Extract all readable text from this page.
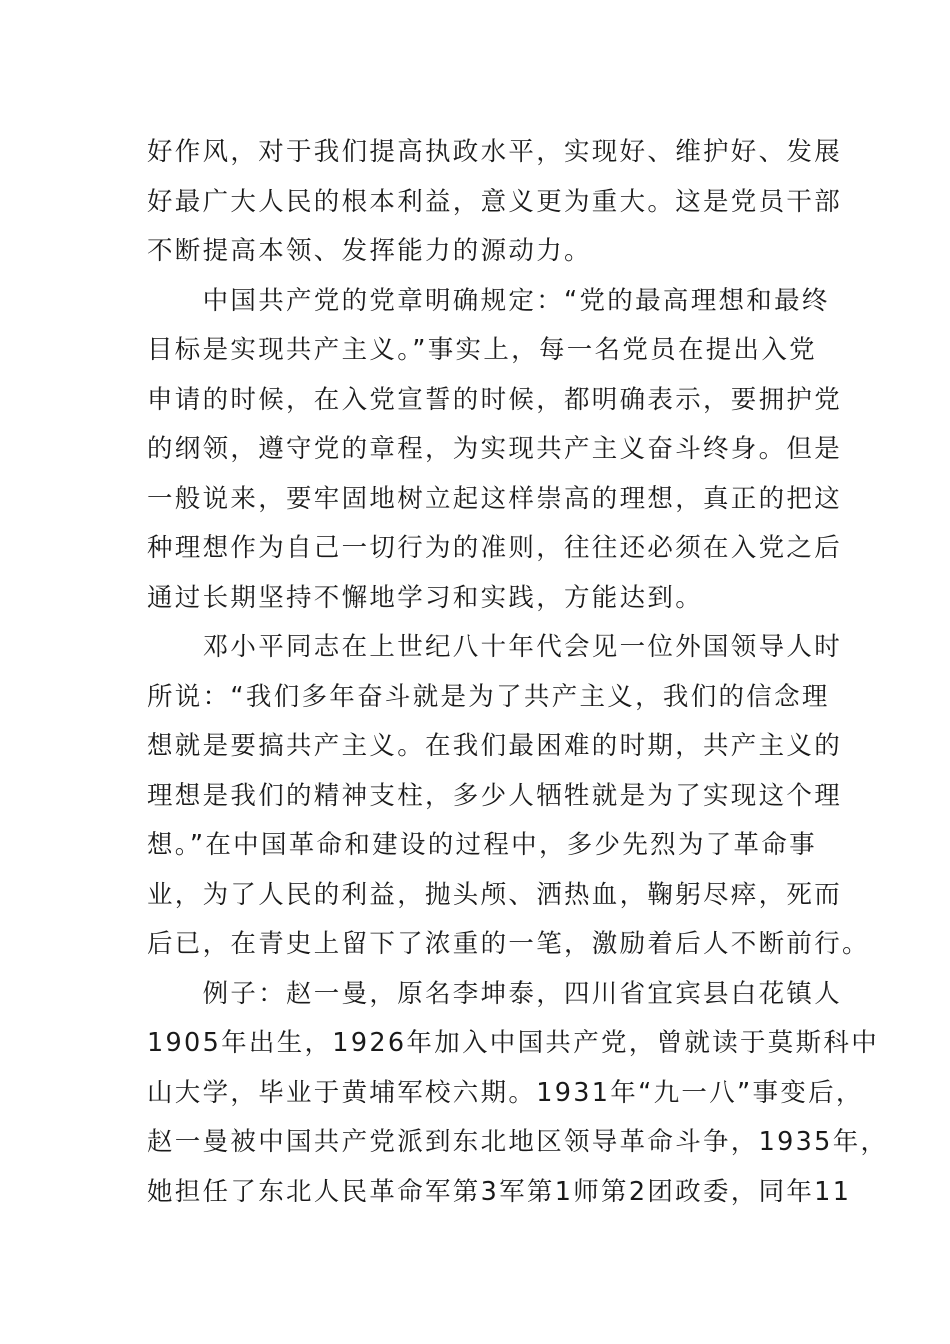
好作风，对于我们提高执政水平，实现好、维护好、发展
好最广大人民的根本利益，意义更为重大。这是党员干部
不断提高本领、发挥能力的源动力。
　　中国共产党的党章明确规定：“党的最高理想和最终
目标是实现共产主义。”事实上，每一名党员在提出入党
申请的时候，在入党宣誓的时候，都明确表示，要拥护党
的纲领，遵守党的章程，为实现共产主义奋斗终身。但是
一般说来，要牢固地树立起这样崇高的理想，真正的把这
种理想作为自己一切行为的准则，往往还必须在入党之后
通过长期坚持不懈地学习和实践，方能达到。
　　邓小平同志在上世纪八十年代会见一位外国领导人时
所说：“我们多年奋斗就是为了共产主义，我们的信念理
想就是要搞共产主义。在我们最困难的时期，共产主义的
理想是我们的精神支柱，多少人牺牲就是为了实现这个理
想。”在中国革命和建设的过程中，多少先烈为了革命事
业，为了人民的利益，抛头颅、洒热血，鞠躬尽瘁，死而
后已，在青史上留下了浓重的一笔，激励着后人不断前行。
　　例子：赵一曼，原名李坤泰，四川省宜宾县白花镇人
1905年出生，1926年加入中国共产党，曾就读于莫斯科中
山大学，毕业于黄埔军校六期。1931年“九一八”事变后，
赵一曼被中国共产党派到东北地区领导革命斗争，1935年，
她担任了东北人民革命军第3军第1师第2团政委，同年11
